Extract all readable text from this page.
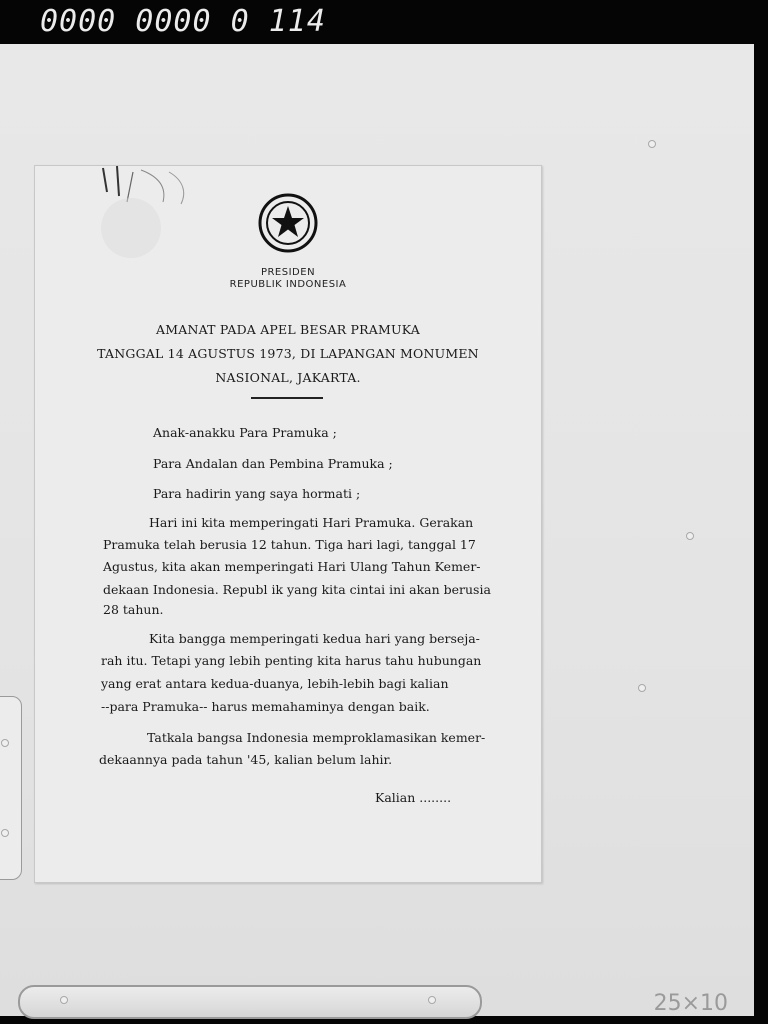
0000 0000 0 114
25×10
PRESIDEN
REPUBLIK INDONESIA
AMANAT PADA APEL BESAR PRAMUKA
TANGGAL 14 AGUSTUS 1973, DI LAPANGAN MONUMEN
NASIONAL, JAKARTA.
Anak-anakku Para Pramuka ;
Para Andalan dan Pembina Pramuka ;
Para hadirin yang saya hormati ;
Hari ini kita memperingati Hari Pramuka. Gerakan
Pramuka telah berusia 12 tahun. Tiga hari lagi, tanggal 17
Agustus, kita akan memperingati Hari Ulang Tahun Kemer-
dekaan Indonesia. Republ ik yang kita cintai ini akan berusia
28 tahun.
Kita bangga memperingati kedua hari yang berseja-
rah itu. Tetapi yang lebih penting kita harus tahu hubungan
yang erat antara kedua-duanya, lebih-lebih bagi kalian
--para Pramuka-- harus memahaminya dengan baik.
Tatkala bangsa Indonesia memproklamasikan kemer-
dekaannya pada tahun '45, kalian belum lahir.
Kalian ........
